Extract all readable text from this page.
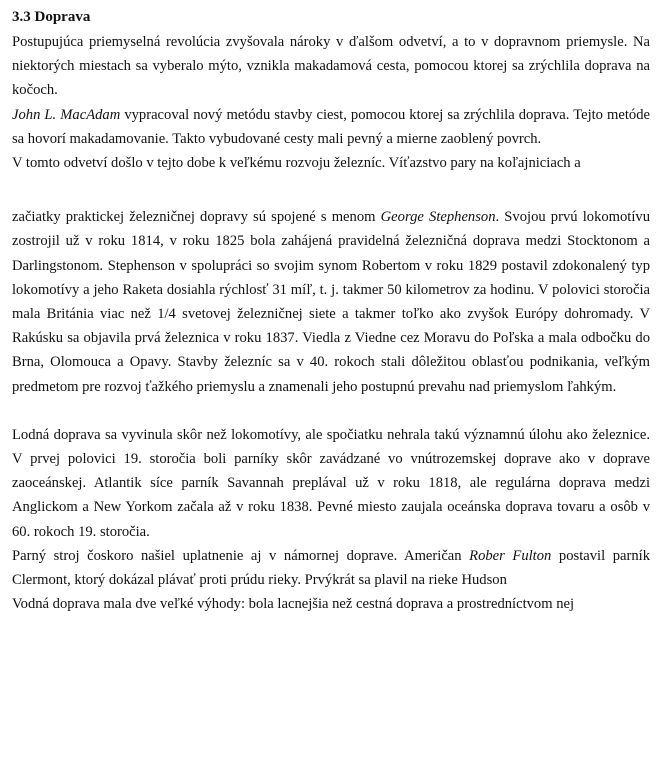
3.3 Doprava

Postupujúca priemyselná revolúcia zvyšovala nároky v ďalšom odvetví, a to v dopravnom priemysle. Na niektorých miestach sa vyberalo mýto, vznikla makadamová cesta, pomocou ktorej sa zrýchlila doprava na kočoch.

John L. MacAdam vypracoval nový metódu stavby ciest, pomocou ktorej sa zrýchlila doprava. Tejto metóde sa hovorí makadamovanie. Takto vybudované cesty mali pevný a mierne zaoblený povrch.

V tomto odvetví došlo v tejto dobe k veľkému rozvoju železníc. Víťazstvo pary na koľajniciach a

začiatky praktickej železničnej dopravy sú spojené s menom George Stephenson. Svojou prvú lokomotívu zostrojil už v roku 1814, v roku 1825 bola zahájená pravidelná železničná doprava medzi Stocktonom a Darlingstonom. Stephenson v spolupráci so svojim synom Robertom v roku 1829 postavil zdokonalený typ lokomotívy a jeho Raketa dosiahla rýchlosť 31 míľ, t. j. takmer 50 kilometrov za hodinu. V polovici storočia mala Británia viac než 1/4 svetovej železničnej siete a takmer toľko ako zvyšok Európy dohromady. V Rakúsku sa objavila prvá železnica v roku 1837. Viedla z Viedne cez Moravu do Poľska a mala odbočku do Brna, Olomouca a Opavy. Stavby železníc sa v 40. rokoch stali dôležitou oblasťou podnikania, veľkým predmetom pre rozvoj ťažkého priemyslu a znamenali jeho postupnú prevahu nad priemyslom ľahkým.

Lodná doprava sa vyvinula skôr než lokomotívy, ale spočiatku nehrala takú významnú úlohu ako železnice. V prvej polovici 19. storočia boli parníky skôr zavádzané vo vnútrozemskej doprave ako v doprave zaoceánskej. Atlantik síce parník Savannah preplával už v roku 1818, ale regulárna doprava medzi Anglickom a New Yorkom začala až v roku 1838. Pevné miesto zaujala oceánska doprava tovaru a osôb v 60. rokoch 19. storočia.

Parný stroj čoskoro našiel uplatnenie aj v námornej doprave. Američan Rober Fulton postavil parník Clermont, ktorý dokázal plávať proti prúdu rieky. Prvýkrát sa plavil na rieke Hudson

Vodná doprava mala dve veľké výhody: bola lacnejšia než cestná doprava a prostredníctvom nej
